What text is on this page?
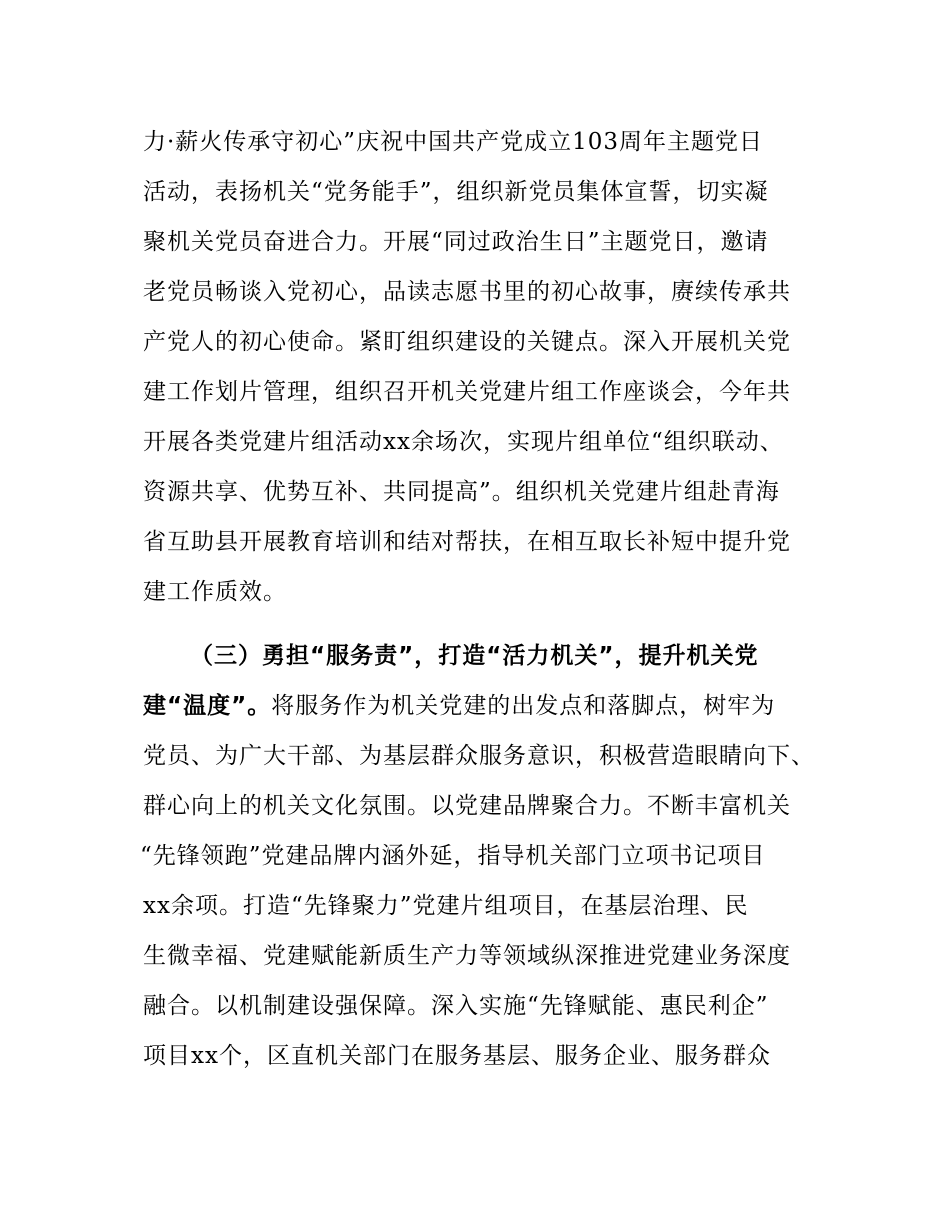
力·薪火传承守初心”庆祝中国共产党成立103周年主题党日
活动，表扬机关“党务能手”，组织新党员集体宣誓，切实凝
聚机关党员奋进合力。开展“同过政治生日”主题党日，邀请
老党员畅谈入党初心，品读志愿书里的初心故事，赓续传承共
产党人的初心使命。紧盯组织建设的关键点。深入开展机关党
建工作划片管理，组织召开机关党建片组工作座谈会，今年共
开展各类党建片组活动xx余场次，实现片组单位“组织联动、
资源共享、优势互补、共同提高”。组织机关党建片组赴青海
省互助县开展教育培训和结对帮扶，在相互取长补短中提升党
建工作质效。
（三）勇担“服务责”，打造“活力机关”，提升机关党
建“温度”。将服务作为机关党建的出发点和落脚点，树牢为
党员、为广大干部、为基层群众服务意识，积极营造眼睛向下、
群心向上的机关文化氛围。以党建品牌聚合力。不断丰富机关
“先锋领跑”党建品牌内涵外延，指导机关部门立项书记项目
xx余项。打造“先锋聚力”党建片组项目，在基层治理、民
生微幸福、党建赋能新质生产力等领域纵深推进党建业务深度
融合。以机制建设强保障。深入实施“先锋赋能、惠民利企”
项目xx个，区直机关部门在服务基层、服务企业、服务群众
